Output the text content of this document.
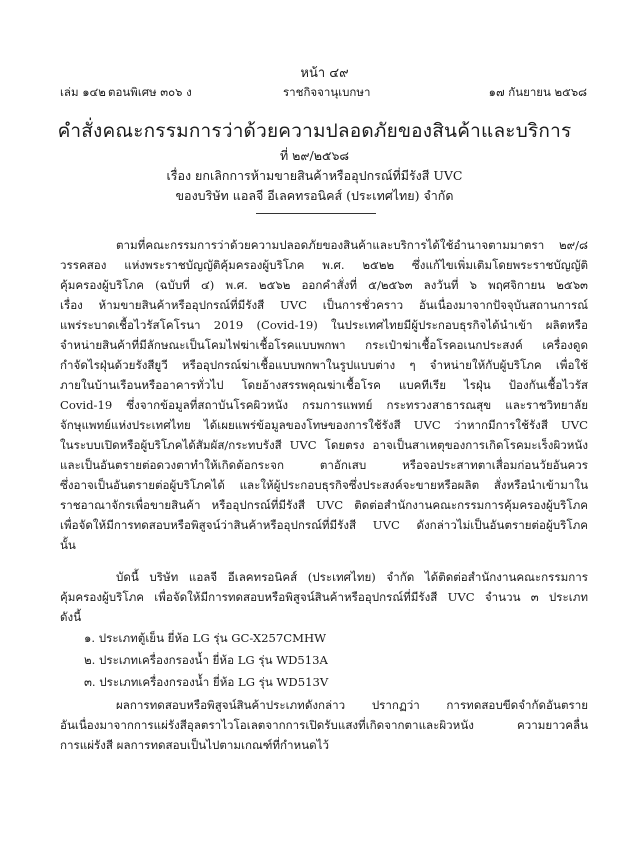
หน้า ๔๙
เล่ม ๑๔๒ ตอนพิเศษ ๓๐๖ ง	ราชกิจจานุเบกษา	๑๗ กันยายน ๒๕๖๘
คำสั่งคณะกรรมการว่าด้วยความปลอดภัยของสินค้าและบริการ
ที่ ๒๙/๒๕๖๘
เรื่อง ยกเลิกการห้ามขายสินค้าหรืออุปกรณ์ที่มีรังสี UVC
ของบริษัท แอลจี อีเลคทรอนิคส์ (ประเทศไทย) จำกัด
ตามที่คณะกรรมการว่าด้วยความปลอดภัยของสินค้าและบริการได้ใช้อำนาจตามมาตรา ๒๙/๘
วรรคสอง แห่งพระราชบัญญัติคุ้มครองผู้บริโภค พ.ศ. ๒๕๒๒ ซึ่งแก้ไขเพิ่มเติมโดยพระราชบัญญัติ
คุ้มครองผู้บริโภค (ฉบับที่ ๔) พ.ศ. ๒๕๖๒ ออกคำสั่งที่ ๕/๒๕๖๓ ลงวันที่ ๖ พฤศจิกายน ๒๕๖๓
เรื่อง ห้ามขายสินค้าหรืออุปกรณ์ที่มีรังสี UVC เป็นการชั่วคราว อันเนื่องมาจากปัจจุบันสถานการณ์
แพร่ระบาดเชื้อไวรัสโคโรนา 2019 (Covid-19) ในประเทศไทยมีผู้ประกอบธุรกิจได้นำเข้า ผลิตหรือ
จำหน่ายสินค้าที่มีลักษณะเป็นโคมไฟฆ่าเชื้อโรคแบบพกพา กระเป๋าฆ่าเชื้อโรคอเนกประสงค์ เครื่องดูด
กำจัดไรฝุ่นด้วยรังสียูวี หรืออุปกรณ์ฆ่าเชื้อแบบพกพาในรูปแบบต่าง ๆ จำหน่ายให้กับผู้บริโภค เพื่อใช้
ภายในบ้านเรือนหรืออาคารทั่วไป โดยอ้างสรรพคุณฆ่าเชื้อโรค แบคทีเรีย ไรฝุ่น ป้องกันเชื้อไวรัส
Covid-19 ซึ่งจากข้อมูลที่สถาบันโรคผิวหนัง กรมการแพทย์ กระทรวงสาธารณสุข และราชวิทยาลัย
จักษุแพทย์แห่งประเทศไทย ได้เผยแพร่ข้อมูลของโทษของการใช้รังสี UVC ว่าหากมีการใช้รังสี UVC
ในระบบเปิดหรือผู้บริโภคได้สัมผัส/กระทบรังสี UVC โดยตรง อาจเป็นสาเหตุของการเกิดโรคมะเร็งผิวหนัง
และเป็นอันตรายต่อดวงตาทำให้เกิดต้อกระจก ตาอักเสบ หรือจอประสาทตาเสื่อมก่อนวัยอันควร
ซึ่งอาจเป็นอันตรายต่อผู้บริโภคได้ และให้ผู้ประกอบธุรกิจซึ่งประสงค์จะขายหรือผลิต สั่งหรือนำเข้ามาใน
ราชอาณาจักรเพื่อขายสินค้า หรืออุปกรณ์ที่มีรังสี UVC ติดต่อสำนักงานคณะกรรมการคุ้มครองผู้บริโภค
เพื่อจัดให้มีการทดสอบหรือพิสูจน์ว่าสินค้าหรืออุปกรณ์ที่มีรังสี UVC ดังกล่าวไม่เป็นอันตรายต่อผู้บริโภค
นั้น
บัดนี้ บริษัท แอลจี อีเลคทรอนิคส์ (ประเทศไทย) จำกัด ได้ติดต่อสำนักงานคณะกรรมการ
คุ้มครองผู้บริโภค เพื่อจัดให้มีการทดสอบหรือพิสูจน์สินค้าหรืออุปกรณ์ที่มีรังสี UVC จำนวน ๓ ประเภท
ดังนี้
๑. ประเภทตู้เย็น ยี่ห้อ LG รุ่น GC-X257CMHW
๒. ประเภทเครื่องกรองน้ำ ยี่ห้อ LG รุ่น WD513A
๓. ประเภทเครื่องกรองน้ำ ยี่ห้อ LG รุ่น WD513V
ผลการทดสอบหรือพิสูจน์สินค้าประเภทดังกล่าว ปรากฏว่า การทดสอบขีดจำกัดอันตราย
อันเนื่องมาจากการแผ่รังสีอุลตราไวโอเลตจากการเปิดรับแสงที่เกิดจากตาและผิวหนัง ความยาวคลื่น
การแผ่รังสี ผลการทดสอบเป็นไปตามเกณฑ์ที่กำหนดไว้
